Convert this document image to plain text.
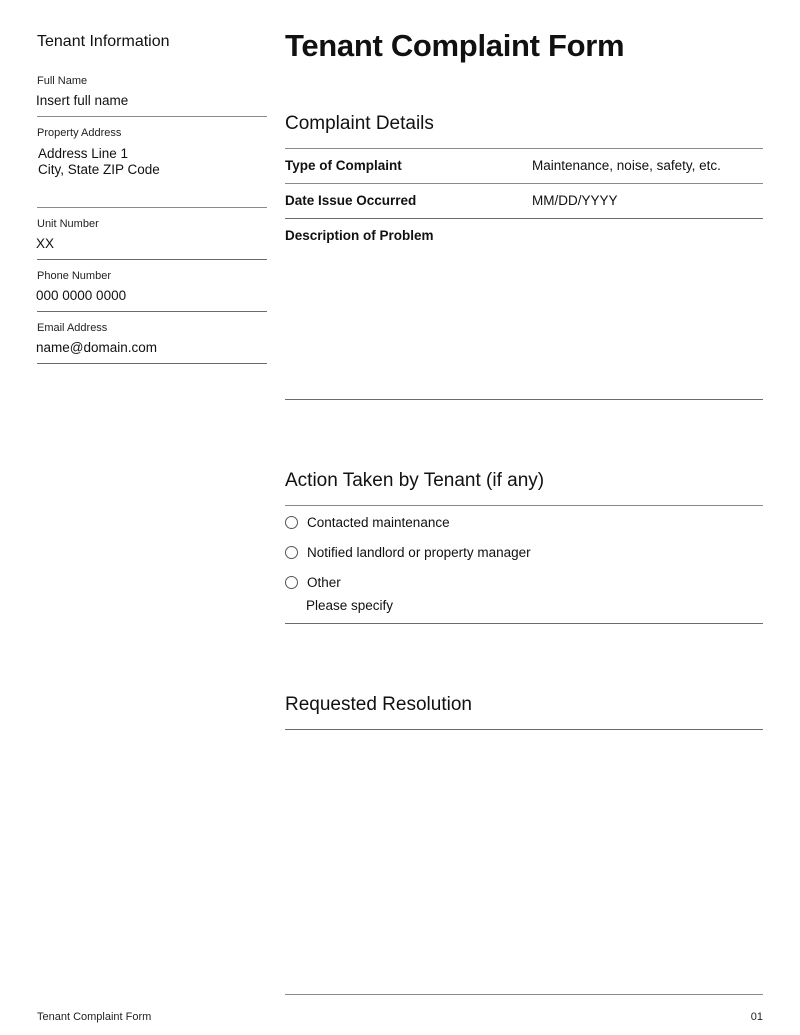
Tenant Information
Full Name
Insert full name
Property Address
Address Line 1
City, State ZIP Code
Unit Number
XX
Phone Number
000 0000 0000
Email Address
name@domain.com
Tenant Complaint Form
Complaint Details
Type of Complaint	Maintenance, noise, safety, etc.
Date Issue Occurred	MM/DD/YYYY
Description of Problem
Action Taken by Tenant (if any)
Contacted maintenance
Notified landlord or property manager
Other
Please specify
Requested Resolution
Tenant Complaint Form	01
